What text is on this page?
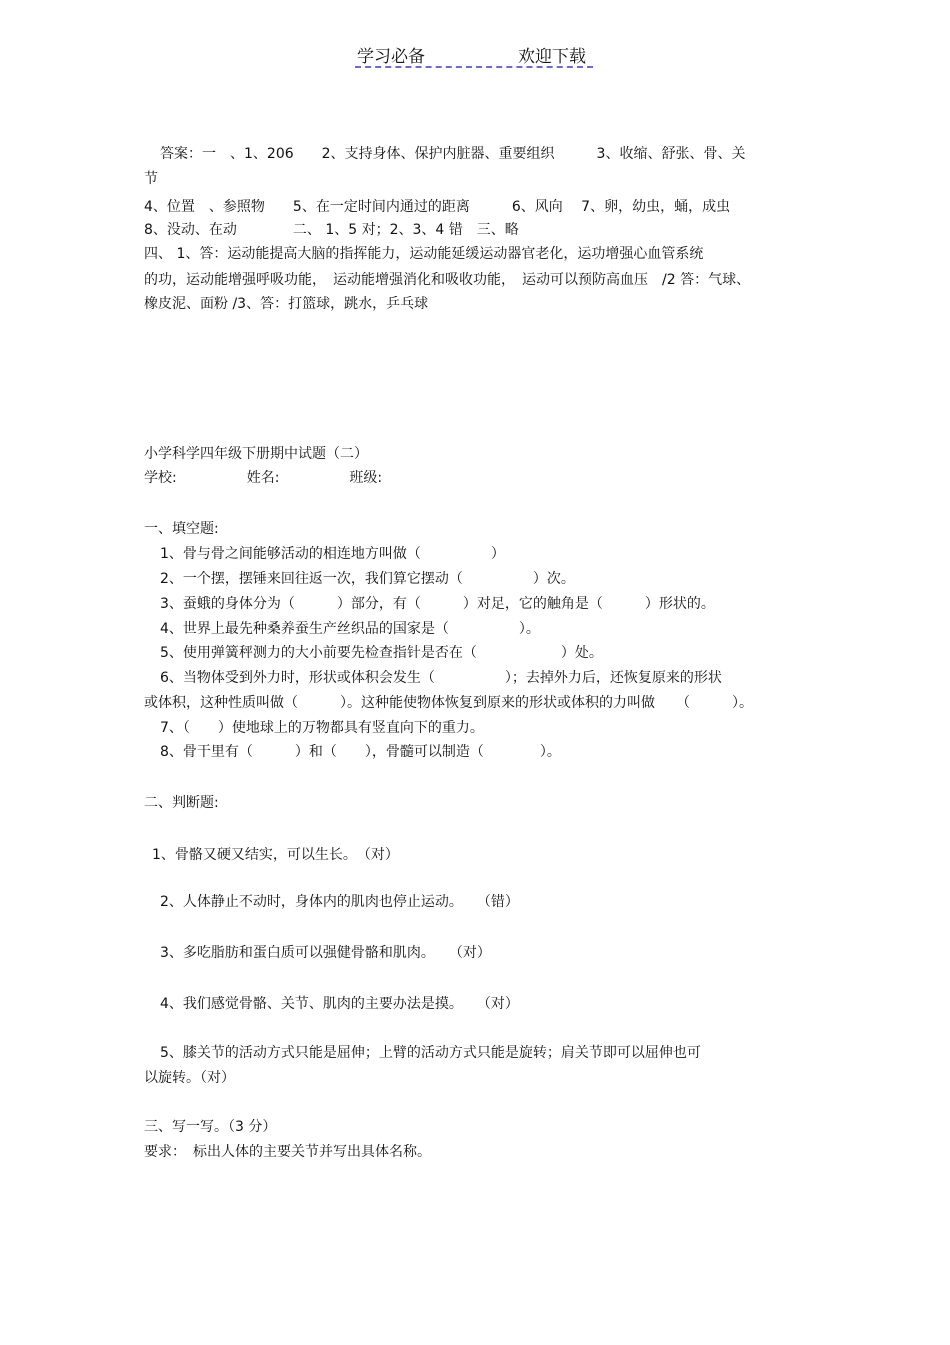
学习必备	欢迎下载
答案：一　、1、206　　2、支持身体、保护内脏器、重要组织　　　3、收缩、舒张、骨、关
节
4、位置　、参照物　　5、在一定时间内通过的距离　　　6、风向　 7、卵，幼虫，蛹，成虫
8、没动、在动　　　　二、 1、5 对；2、3、4 错　三、略
四、 1、答：运动能提高大脑的指挥能力，运动能延缓运动器官老化，运功增强心血管系统
的功，运动能增强呼吸功能，　运动能增强消化和吸收功能，　运动可以预防高血压　/2 答：气球、
橡皮泥、面粉 /3、答：打篮球，跳水，乒乓球
小学科学四年级下册期中试题（二）
学校:　　　　　姓名:　　　　　班级:
一、填空题:
1、骨与骨之间能够活动的相连地方叫做（　　　　　）
2、一个摆，摆锤来回往返一次，我们算它摆动（　　　　　）次。
3、蚕蛾的身体分为（　　　）部分，有（　　　）对足，它的触角是（　　　）形状的。
4、世界上最先种桑养蚕生产丝织品的国家是（　　　　　）。
5、使用弹簧秤测力的大小前要先检查指针是否在（　　　　　　）处。
6、当物体受到外力时，形状或体积会发生（　　　　　）；去掉外力后，还恢复原来的形状
或体积，这种性质叫做（　　　）。这种能使物体恢复到原来的形状或体积的力叫做　　（　　　）。
7、（　　）使地球上的万物都具有竖直向下的重力。
8、骨干里有（　　　）和（　　），骨髓可以制造（　　　　）。
二、判断题:
1、骨骼又硬又结实，可以生长。　（对）
2、人体静止不动时，身体内的肌肉也停止运动。　　（错）
3、多吃脂肪和蛋白质可以强健骨骼和肌肉。　　（对）
4、我们感觉骨骼、关节、肌肉的主要办法是摸。　　（对）
5、膝关节的活动方式只能是屈伸；上臂的活动方式只能是旋转；肩关节即可以屈伸也可
以旋转。（对）
三、写一写。（3 分）
要求：　标出人体的主要关节并写出具体名称。
